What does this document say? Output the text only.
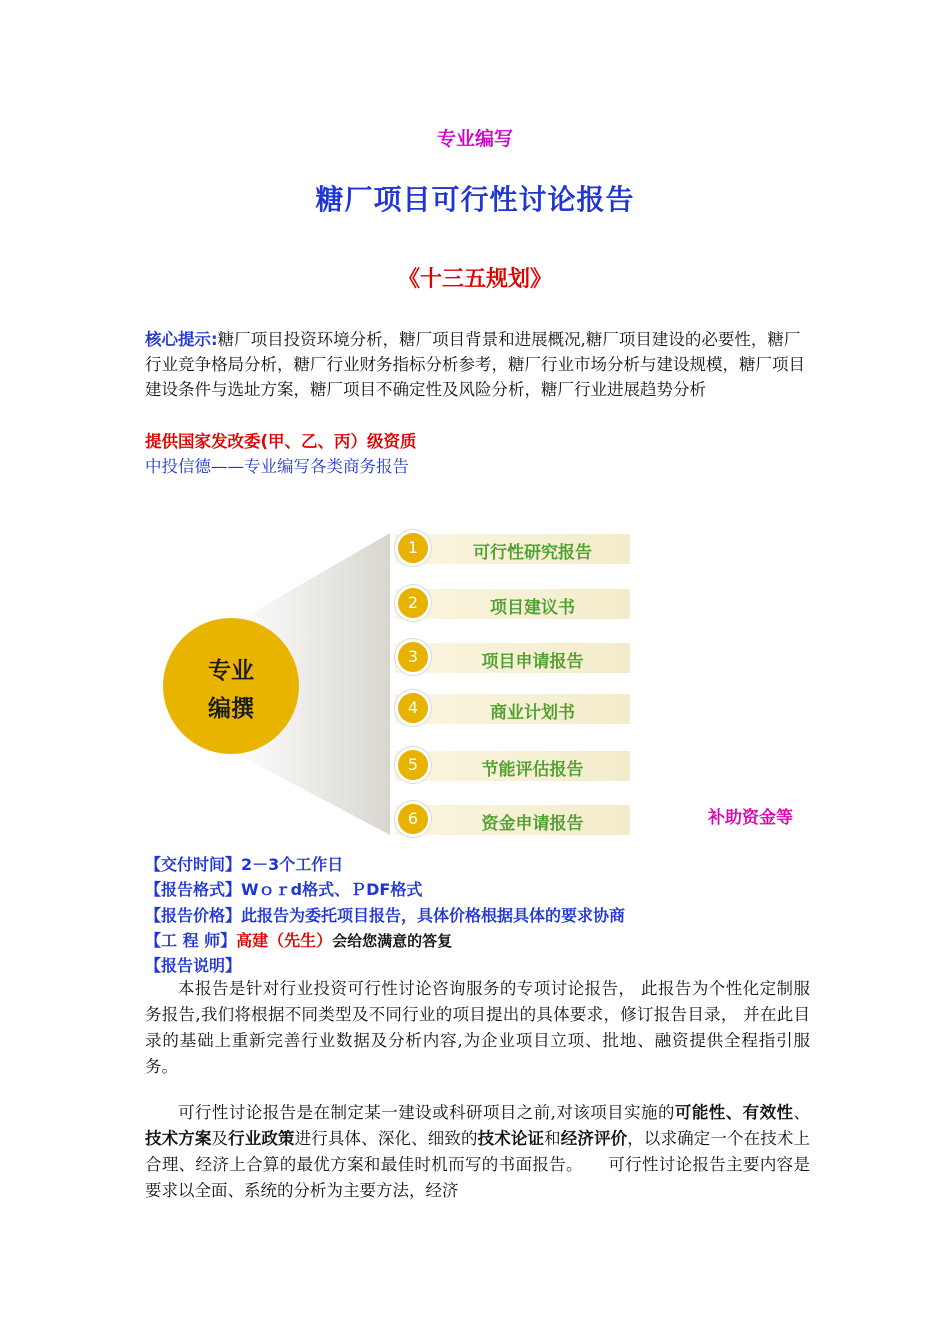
专业编写
糖厂项目可行性讨论报告
《十三五规划》
核心提示:糖厂项目投资环境分析，糖厂项目背景和进展概况,糖厂项目建设的必要性，糖厂行业竞争格局分析，糖厂行业财务指标分析参考，糖厂行业市场分析与建设规模，糖厂项目建设条件与选址方案，糖厂项目不确定性及风险分析，糖厂行业进展趋势分析
提供国家发改委(甲、乙、丙）级资质
中投信德——专业编写各类商务报告
专业
编撰
1	可行性研究报告
2	项目建议书
3	项目申请报告
4	商业计划书
5	节能评估报告
6	资金申请报告	补助资金等
【交付时间】2－3个工作日
【报告格式】Wｏｒd格式、ＰDF格式
【报告价格】此报告为委托项目报告，具体价格根据具体的要求协商
【工 程 师】高建（先生）会给您满意的答复
【报告说明】
本报告是针对行业投资可行性讨论咨询服务的专项讨论报告， 此报告为个性化定制服务报告,我们将根据不同类型及不同行业的项目提出的具体要求，修订报告目录， 并在此目录的基础上重新完善行业数据及分析内容,为企业项目立项、批地、融资提供全程指引服务。
可行性讨论报告是在制定某一建设或科研项目之前,对该项目实施的可能性、有效性、技术方案及行业政策进行具体、深化、细致的技术论证和经济评价，以求确定一个在技术上合理、经济上合算的最优方案和最佳时机而写的书面报告。　　可行性讨论报告主要内容是要求以全面、系统的分析为主要方法，经济
